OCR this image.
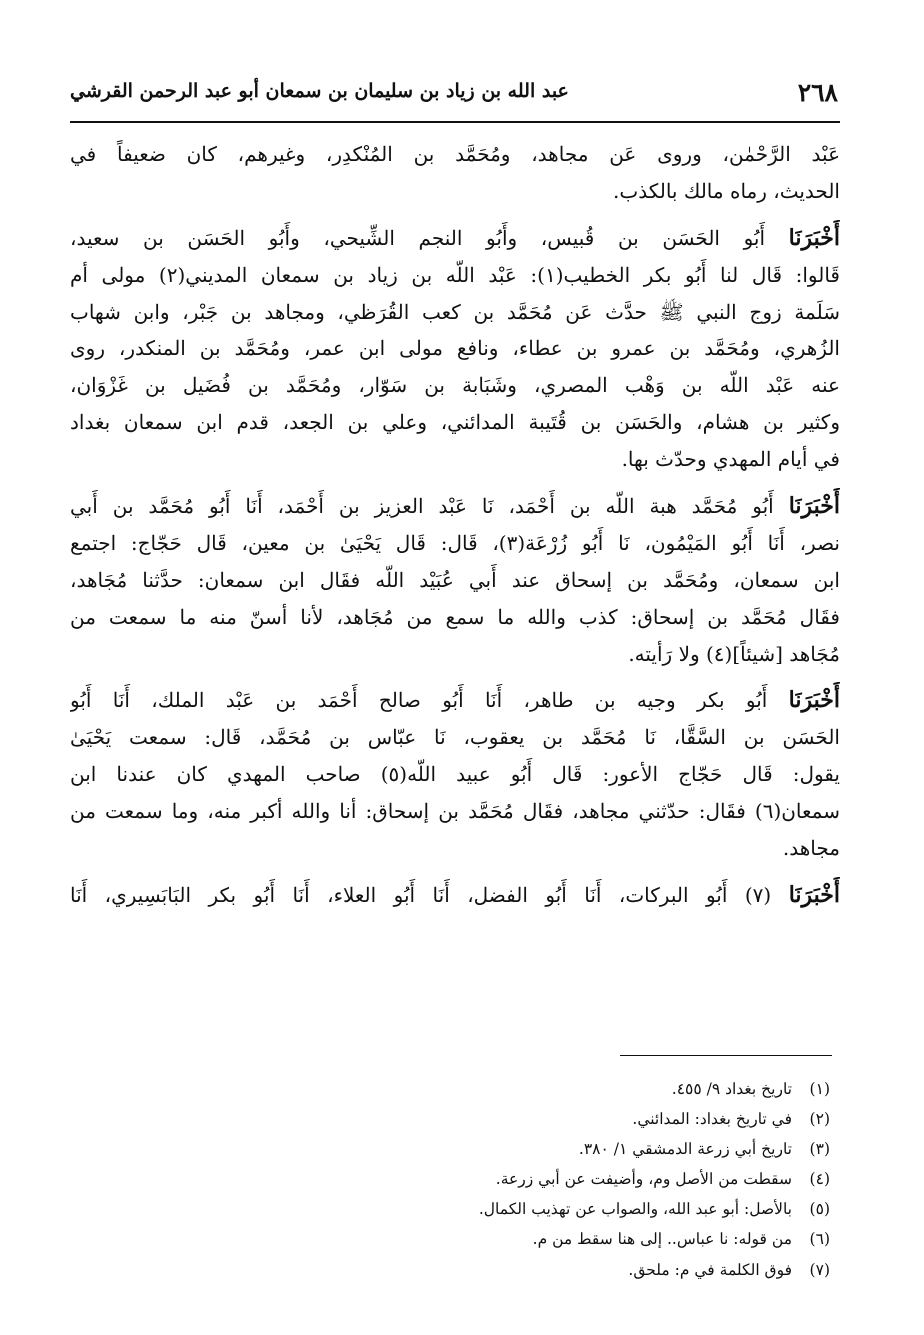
٢٦٨
عبد الله بن زياد بن سليمان بن سمعان أبو عبد الرحمن القرشي
عَبْد الرَّحْمٰن، وروى عَن مجاهد، ومُحَمَّد بن المُنْكدِر، وغيرهم، كان ضعيفاً في
الحديث، رماه مالك بالكذب.
أَخْبَرَنَا أَبُو الحَسَن بن قُبيس، وأَبُو النجم الشِّيحي، وأَبُو الحَسَن بن سعيد،
قَالوا: قَال لنا أَبُو بكر الخطيب(١): عَبْد اللّه بن زياد بن سمعان المديني(٢) مولى أم
سَلَمة زوج النبي ﷺ حدَّث عَن مُحَمَّد بن كعب القُرَظي، ومجاهد بن جَبْر، وابن شهاب
الزُهري، ومُحَمَّد بن عمرو بن عطاء، ونافع مولى ابن عمر، ومُحَمَّد بن المنكدر، روى
عنه عَبْد اللّه بن وَهْب المصري، وشَبَابة بن سَوّار، ومُحَمَّد بن فُضَيل بن غَزْوَان،
وكثير بن هشام، والحَسَن بن قُتَيبة المدائني، وعلي بن الجعد، قدم ابن سمعان بغداد
في أيام المهدي وحدّث بها.
أَخْبَرَنَا أَبُو مُحَمَّد هبة اللّه بن أَحْمَد، نَا عَبْد العزيز بن أَحْمَد، أَنَا أَبُو مُحَمَّد بن أَبي
نصر، أَنَا أَبُو المَيْمُون، نَا أَبُو زُرْعَة(٣)، قَال: قَال يَحْيَىٰ بن معين، قَال حَجّاج: اجتمع
ابن سمعان، ومُحَمَّد بن إسحاق عند أَبي عُبَيْد اللّه فقَال ابن سمعان: حدَّثنا مُجَاهد،
فقَال مُحَمَّد بن إسحاق: كذب والله ما سمع من مُجَاهد، لأنا أسنّ منه ما سمعت من
مُجَاهد [شيئاً](٤) ولا رَأيته.
أَخْبَرَنَا أَبُو بكر وجيه بن طاهر، أَنَا أَبُو صالح أَحْمَد بن عَبْد الملك، أَنَا أَبُو
الحَسَن بن السَّقَّا، نَا مُحَمَّد بن يعقوب، نَا عبّاس بن مُحَمَّد، قَال: سمعت يَحْيَىٰ
يقول: قَال حَجّاج الأعور: قَال أَبُو عبيد اللّه(٥) صاحب المهدي كان عندنا ابن
سمعان(٦) فقَال: حدّثني مجاهد، فقَال مُحَمَّد بن إسحاق: أنا والله أكبر منه، وما سمعت من
مجاهد.
أَخْبَرَنَا (٧) أَبُو البركات، أَنَا أَبُو الفضل، أَنَا أَبُو العلاء، أَنَا أَبُو بكر البَابَسِيري، أَنَا
(١)تاريخ بغداد ٩/ ٤٥٥.
(٢)في تاريخ بغداد: المدائني.
(٣)تاريخ أبي زرعة الدمشقي ١/ ٣٨٠.
(٤)سقطت من الأصل وم، وأضيفت عن أبي زرعة.
(٥)بالأصل: أبو عبد الله، والصواب عن تهذيب الكمال.
(٦)من قوله: نا عباس.. إلى هنا سقط من م.
(٧)فوق الكلمة في م: ملحق.
